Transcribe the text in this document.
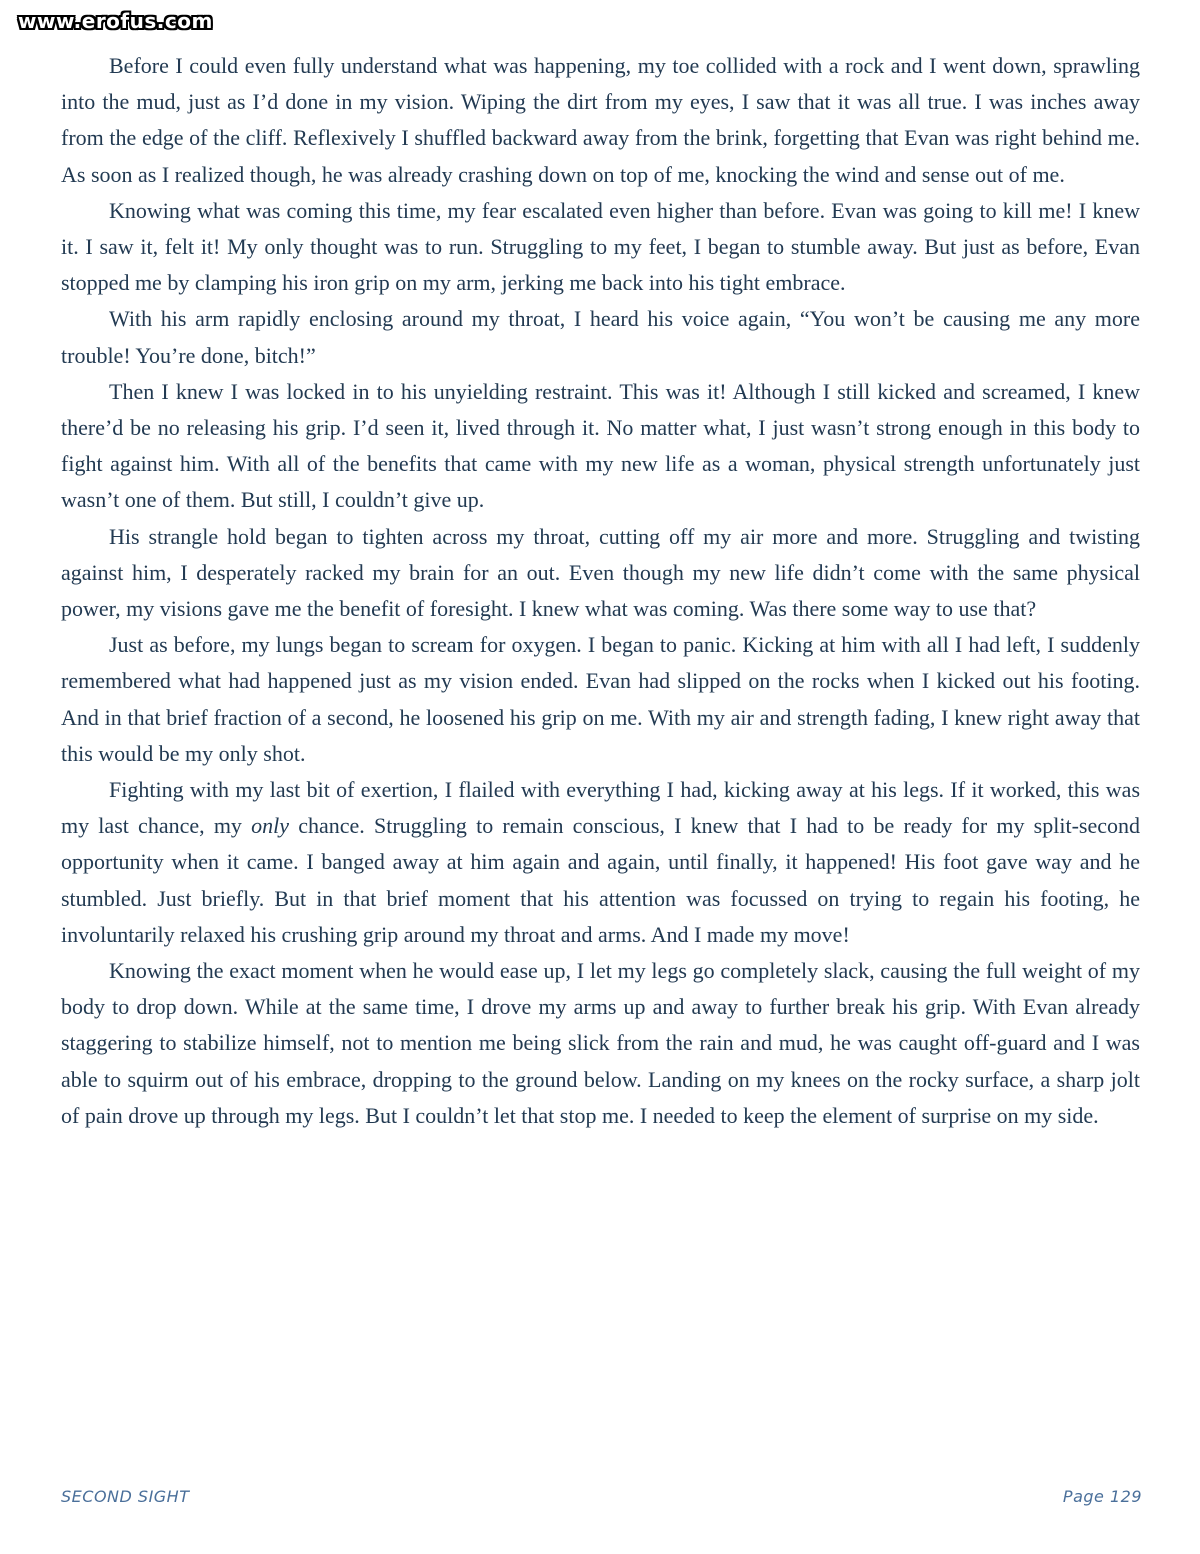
www.erofus.com

Before I could even fully understand what was happening, my toe collided with a rock and I went down, sprawling into the mud, just as I’d done in my vision. Wiping the dirt from my eyes, I saw that it was all true. I was inches away from the edge of the cliff. Reflexively I shuffled backward away from the brink, forgetting that Evan was right behind me. As soon as I realized though, he was already crashing down on top of me, knocking the wind and sense out of me.

Knowing what was coming this time, my fear escalated even higher than before. Evan was going to kill me! I knew it. I saw it, felt it! My only thought was to run. Struggling to my feet, I began to stumble away. But just as before, Evan stopped me by clamping his iron grip on my arm, jerking me back into his tight embrace.

With his arm rapidly enclosing around my throat, I heard his voice again, “You won’t be causing me any more trouble! You’re done, bitch!”

Then I knew I was locked in to his unyielding restraint. This was it! Although I still kicked and screamed, I knew there’d be no releasing his grip. I’d seen it, lived through it. No matter what, I just wasn’t strong enough in this body to fight against him. With all of the benefits that came with my new life as a woman, physical strength unfortunately just wasn’t one of them. But still, I couldn’t give up.

His strangle hold began to tighten across my throat, cutting off my air more and more. Struggling and twisting against him, I desperately racked my brain for an out. Even though my new life didn’t come with the same physical power, my visions gave me the benefit of foresight. I knew what was coming. Was there some way to use that?

Just as before, my lungs began to scream for oxygen. I began to panic. Kicking at him with all I had left, I suddenly remembered what had happened just as my vision ended. Evan had slipped on the rocks when I kicked out his footing. And in that brief fraction of a second, he loosened his grip on me. With my air and strength fading, I knew right away that this would be my only shot.

Fighting with my last bit of exertion, I flailed with everything I had, kicking away at his legs. If it worked, this was my last chance, my only chance. Struggling to remain conscious, I knew that I had to be ready for my split-second opportunity when it came. I banged away at him again and again, until finally, it happened! His foot gave way and he stumbled. Just briefly. But in that brief moment that his attention was focussed on trying to regain his footing, he involuntarily relaxed his crushing grip around my throat and arms. And I made my move!

Knowing the exact moment when he would ease up, I let my legs go completely slack, causing the full weight of my body to drop down. While at the same time, I drove my arms up and away to further break his grip. With Evan already staggering to stabilize himself, not to mention me being slick from the rain and mud, he was caught off-guard and I was able to squirm out of his embrace, dropping to the ground below. Landing on my knees on the rocky surface, a sharp jolt of pain drove up through my legs. But I couldn’t let that stop me. I needed to keep the element of surprise on my side.

SECOND SIGHT	Page 129
